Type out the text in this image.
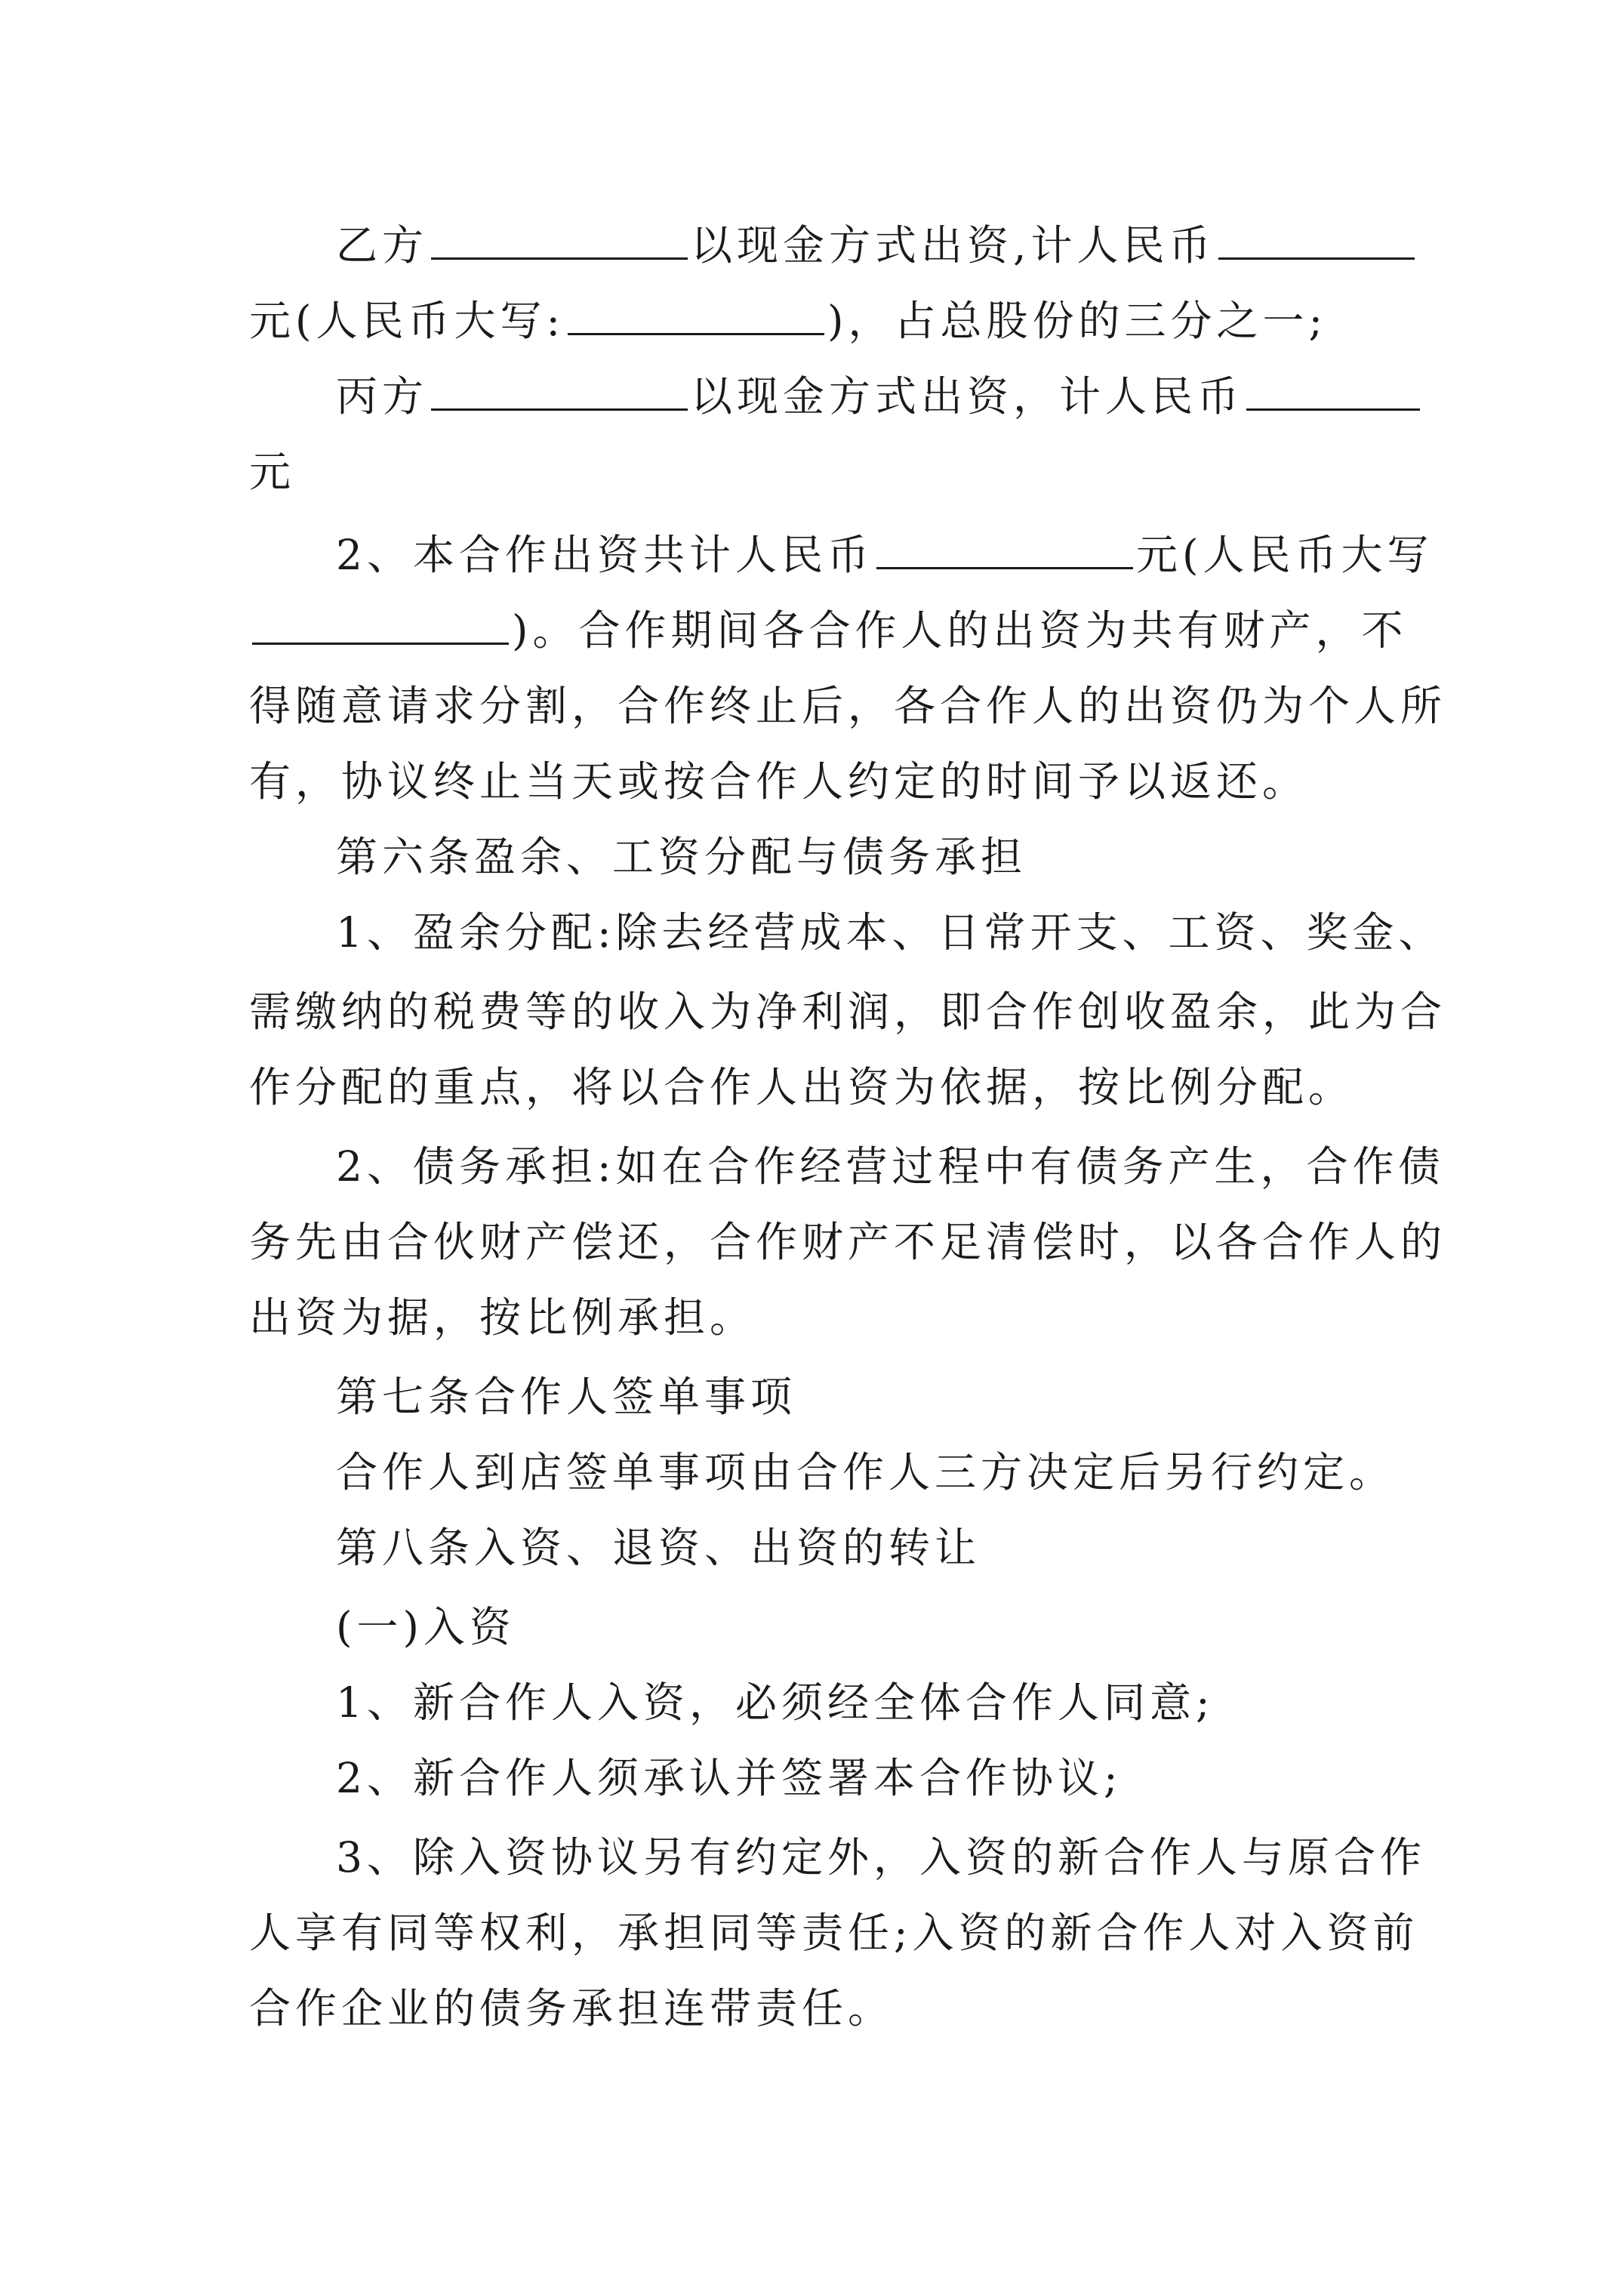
乙方	以现金方式出资,计人民币
元(人民币大写:	)，占总股份的三分之一;
丙方	以现金方式出资，计人民币
元
2、本合作出资共计人民币	元(人民币大写
)。合作期间各合作人的出资为共有财产，不
得随意请求分割，合作终止后，各合作人的出资仍为个人所
有，协议终止当天或按合作人约定的时间予以返还。
第六条盈余、工资分配与债务承担
1、盈余分配:除去经营成本、日常开支、工资、奖金、
需缴纳的税费等的收入为净利润，即合作创收盈余，此为合
作分配的重点，将以合作人出资为依据，按比例分配。
2、债务承担:如在合作经营过程中有债务产生，合作债
务先由合伙财产偿还，合作财产不足清偿时，以各合作人的
出资为据，按比例承担。
第七条合作人签单事项
合作人到店签单事项由合作人三方决定后另行约定。
第八条入资、退资、出资的转让
(一)入资
1、新合作人入资，必须经全体合作人同意;
2、新合作人须承认并签署本合作协议;
3、除入资协议另有约定外，入资的新合作人与原合作
人享有同等权利，承担同等责任;入资的新合作人对入资前
合作企业的债务承担连带责任。
